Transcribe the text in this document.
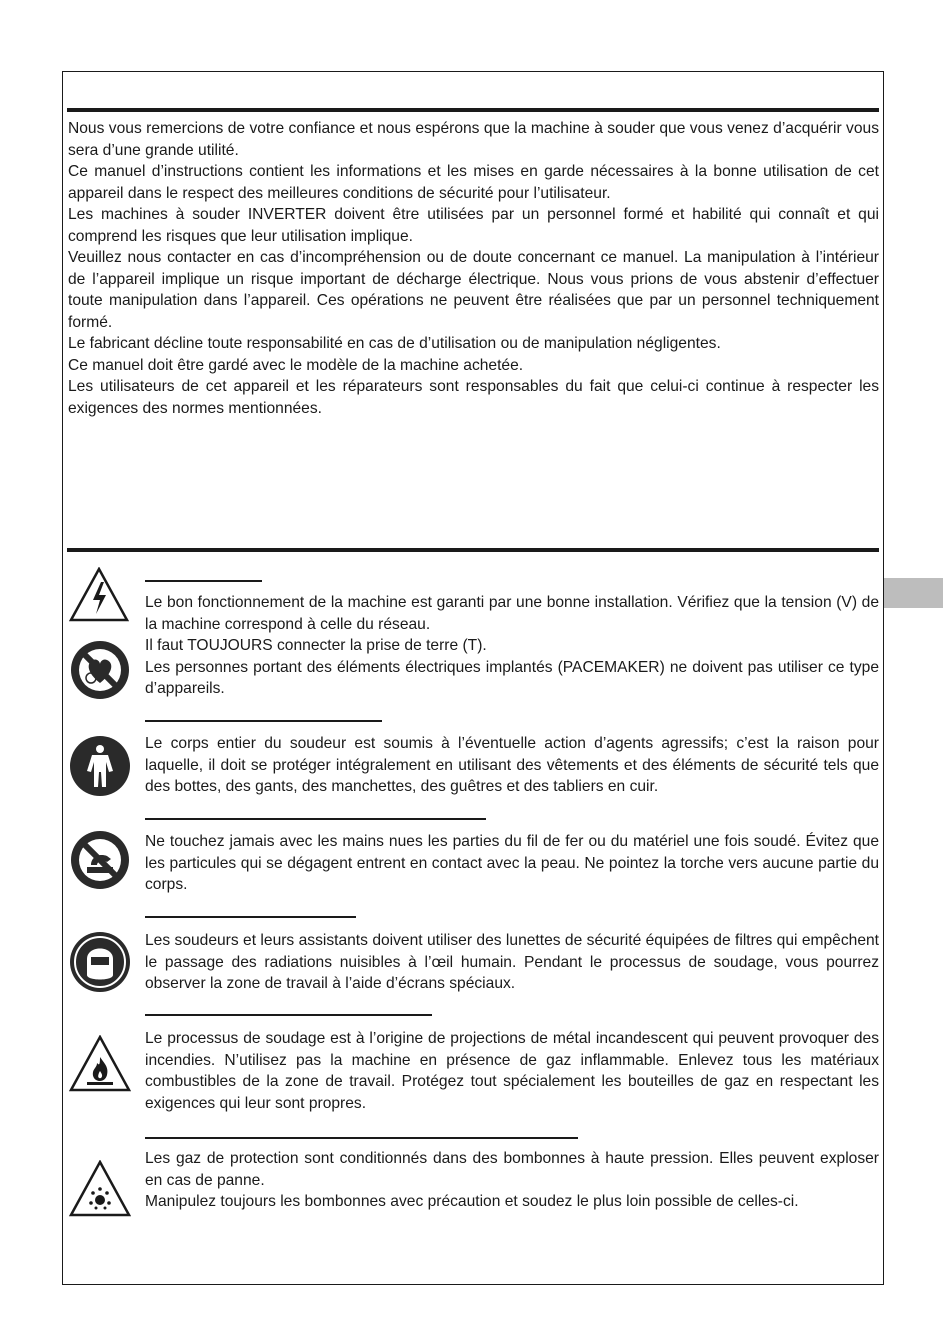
Nous vous remercions de votre confiance et nous espérons que la machine à souder que vous venez d’acquérir vous sera d’une grande utilité.

Ce manuel d’instructions contient les informations et les mises en garde nécessaires à la bonne utilisation de cet appareil dans le respect des meilleures conditions de sécurité pour l’utilisateur.

Les machines à souder INVERTER doivent être utilisées par un personnel formé et habilité qui connaît et qui comprend les risques que leur utilisation implique.

Veuillez nous contacter en cas d’incompréhension ou de doute concernant ce manuel. La manipulation à l’intérieur de l’appareil implique un risque important de décharge électrique. Nous vous prions de vous abstenir d’effectuer toute manipulation dans l’appareil. Ces opérations ne peuvent être réalisées que par un personnel techniquement formé.

Le fabricant décline toute responsabilité en cas de d’utilisation ou de manipulation négligentes.

Ce manuel doit être gardé avec le modèle de la machine achetée.

Les utilisateurs de cet appareil et les réparateurs sont responsables du fait que celui-ci continue à respecter les exigences des normes mentionnées.

Le bon fonctionnement de la machine est garanti par une bonne installation. Vérifiez que la tension (V) de la machine correspond à celle du réseau.

Il faut TOUJOURS connecter la prise de terre (T).

Les personnes portant des éléments électriques implantés (PACEMAKER) ne doivent pas utiliser ce type d’appareils.

Le corps entier du soudeur est soumis à l’éventuelle action d’agents agressifs; c’est la raison pour laquelle, il doit se protéger intégralement en utilisant des vêtements et des éléments de sécurité tels que des bottes, des gants, des manchettes, des guêtres et des tabliers en cuir.

Ne touchez jamais avec les mains nues les parties du fil de fer ou du matériel une fois soudé. Évitez que les particules qui se dégagent entrent en contact avec la peau. Ne pointez la torche vers aucune partie du corps.

Les soudeurs et leurs assistants doivent utiliser des lunettes de sécurité équipées de filtres qui empêchent le passage des radiations nuisibles à l’œil humain. Pendant le processus de soudage, vous pourrez observer la zone de travail à l’aide d’écrans spéciaux.

Le processus de soudage est à l’origine de projections de métal incandescent qui peuvent provoquer des incendies. N’utilisez pas la machine en présence de gaz inflammable. Enlevez tous les matériaux combustibles de la zone de travail. Protégez tout spécialement les bouteilles de gaz en respectant les exigences qui leur sont propres.

Les gaz de protection sont conditionnés dans des bombonnes à haute pression. Elles peuvent exploser en cas de panne.

Manipulez toujours les bombonnes avec précaution et soudez le plus loin possible de celles-ci.
